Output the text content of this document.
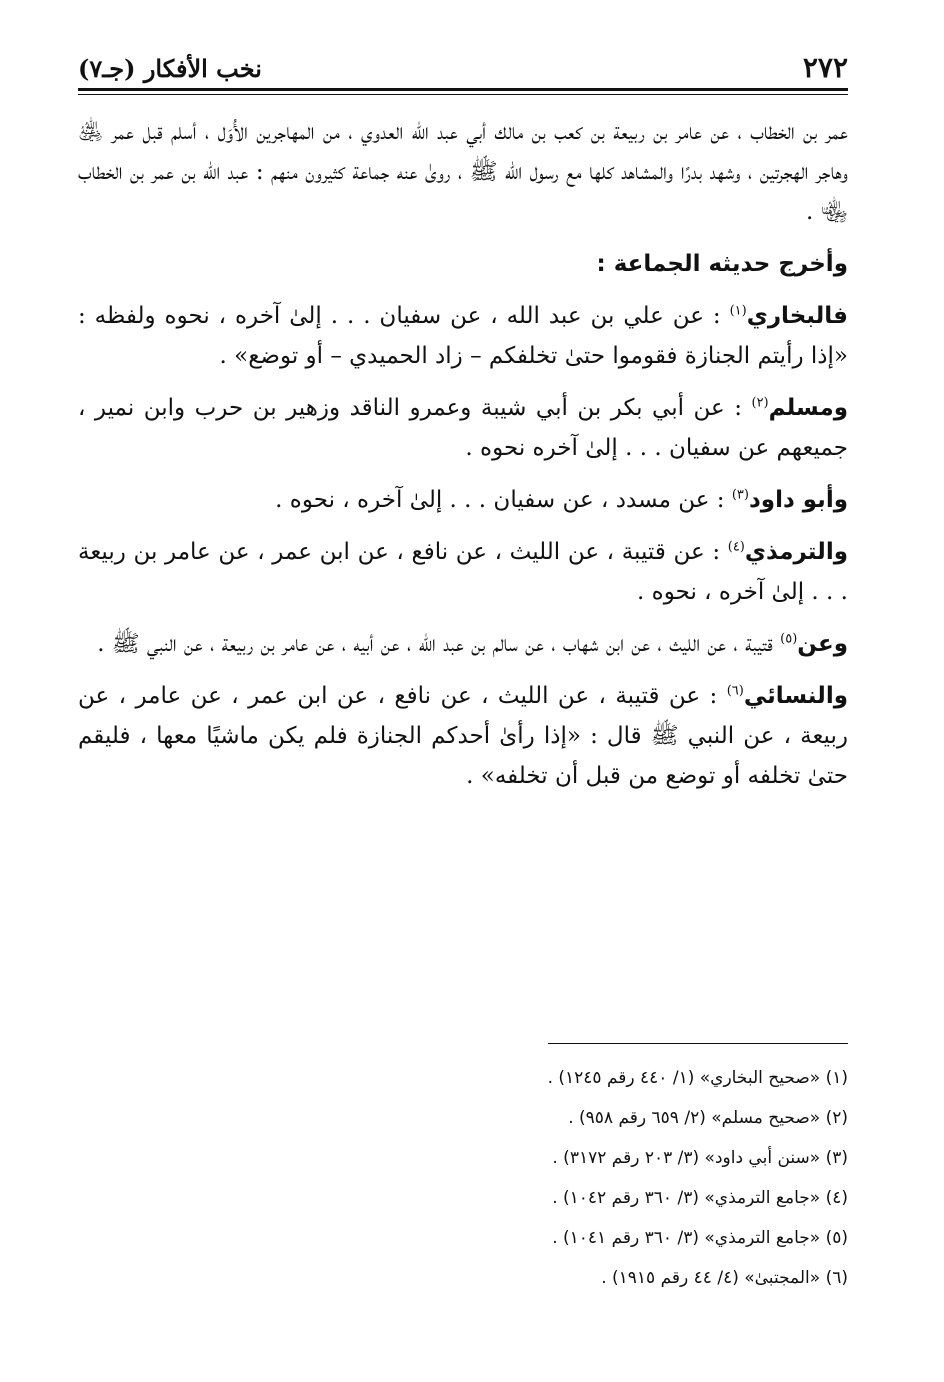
٢٧٢
نخب الأفكار (جـ٧)

عمر بن الخطاب ، عن عامر بن ربيعة بن كعب بن مالك أبي عبد الله العدوي ، من المهاجرين الأُوَل ، أسلم قبل عمر ﵁ وهاجر الهجرتين ، وشهد بدرًا والمشاهد كلها مع رسول الله ﷺ ، روىٰ عنه جماعة كثيرون منهم : عبد الله بن عمر بن الخطاب ﵄ .

وأخرج حديثه الجماعة :

فالبخاري$^{(١)}$ : عن علي بن عبد الله ، عن سفيان . . . إلىٰ آخره ، نحوه ولفظه : «إذا رأيتم الجنازة فقوموا حتىٰ تخلفكم – زاد الحميدي – أو توضع» .

ومسلم$^{(٢)}$ : عن أبي بكر بن أبي شيبة وعمرو الناقد وزهير بن حرب وابن نمير ، جميعهم عن سفيان . . . إلىٰ آخره نحوه .

وأبو داود$^{(٣)}$ : عن مسدد ، عن سفيان . . . إلىٰ آخره ، نحوه .

والترمذي$^{(٤)}$ : عن قتيبة ، عن الليث ، عن نافع ، عن ابن عمر ، عن عامر بن ربيعة . . . إلىٰ آخره ، نحوه .

وعن$^{(٥)}$ قتيبة ، عن الليث ، عن ابن شهاب ، عن سالم بن عبد الله ، عن أبيه ، عن عامر بن ربيعة ، عن النبي ﷺ .

والنسائي$^{(٦)}$ : عن قتيبة ، عن الليث ، عن نافع ، عن ابن عمر ، عن عامر ، عن ربيعة ، عن النبي ﷺ قال : «إذا رأىٰ أحدكم الجنازة فلم يكن ماشيًا معها ، فليقم حتىٰ تخلفه أو توضع من قبل أن تخلفه» .

(١) «صحيح البخاري» (١/ ٤٤٠ رقم ١٢٤٥) .
(٢) «صحيح مسلم» (٢/ ٦٥٩ رقم ٩٥٨) .
(٣) «سنن أبي داود» (٣/ ٢٠٣ رقم ٣١٧٢) .
(٤) «جامع الترمذي» (٣/ ٣٦٠ رقم ١٠٤٢) .
(٥) «جامع الترمذي» (٣/ ٣٦٠ رقم ١٠٤١) .
(٦) «المجتبىٰ» (٤/ ٤٤ رقم ١٩١٥) .
